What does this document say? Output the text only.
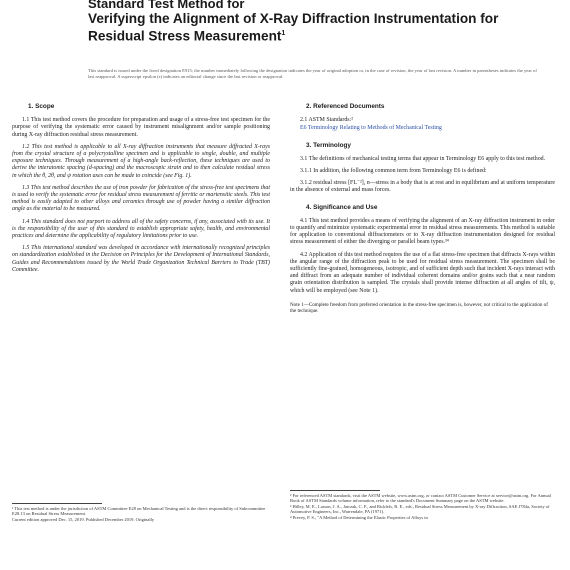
Standard Test Method for
Verifying the Alignment of X-Ray Diffraction Instrumentation for Residual Stress Measurement$^1$
This standard is issued under the fixed designation E915; the number immediately following the designation indicates the year of original adoption or, in the case of revision, the year of last revision. A number in parentheses indicates the year of last reapproval. A superscript epsilon (ε) indicates an editorial change since the last revision or reapproval.
1. Scope

1.1 This test method covers the procedure for preparation and usage of a stress-free test specimen for the purpose of verifying the systematic error caused by instrument misalignment and/or sample positioning during X-ray diffraction residual stress measurement.

1.2 This test method is applicable to all X-ray diffraction instruments that measure diffracted X-rays from the crystal structure of a polycrystalline specimen and is applicable to single, double, and multiple exposure techniques. Through measurement of a high-angle back-reflection, these techniques are used to derive the interatomic spacing (d-spacing) and the macroscopic strain and to then calculate residual stress in which the θ, 2θ, and ψ rotation axes can be made to coincide (see Fig. 1).

1.3 This test method describes the use of iron powder for fabrication of the stress-free test specimens that is used to verify the systematic error for residual stress measurement of ferritic or martensitic steels. This test method is easily adapted to other alloys and ceramics through use of powder having a similar diffraction angle as the material to be measured.

1.4 This standard does not purport to address all of the safety concerns, if any, associated with its use. It is the responsibility of the user of this standard to establish appropriate safety, health, and environmental practices and determine the applicability of regulatory limitations prior to use.

1.5 This international standard was developed in accordance with internationally recognized principles on standardization established in the Decision on Principles for the Development of International Standards, Guides and Recommendations issued by the World Trade Organization Technical Barriers to Trade (TBT) Committee.

¹ This test method is under the jurisdiction of ASTM Committee E28 on Mechanical Testing and is the direct responsibility of Subcommittee E28.13 on Residual Stress Measurement.
Current edition approved Dec. 15, 2019. Published December 2019. Originally
2. Referenced Documents
2.1 ASTM Standards:²
E6 Terminology Relating to Methods of Mechanical Testing
3. Terminology

3.1 The definitions of mechanical testing terms that appear in Terminology E6 apply to this test method.

3.1.1 In addition, the following common term from Terminology E6 is defined:

3.1.2 residual stress [FL⁻²], n—stress in a body that is at rest and in equilibrium and at uniform temperature in the absence of external and mass forces.

4. Significance and Use

4.1 This test method provides a means of verifying the alignment of an X-ray diffraction instrument in order to quantify and minimize systematic experimental error in residual stress measurements. This method is suitable for application to conventional diffractometers or to X-ray diffraction instrumentation designed for residual stress measurement of either the diverging or parallel beam types.³⁴

4.2 Application of this test method requires the use of a flat stress-free specimen that diffracts X-rays within the angular range of the diffraction peak to be used for residual stress measurement. The specimen shall be sufficiently fine-grained, homogeneous, isotropic, and of sufficient depth such that incident X-rays interact with and diffract from an adequate number of individual coherent domains and/or grains such that a near random grain orientation distribution is sampled. The crystals shall provide intense diffraction at all angles of tilt, ψ, which will be employed (see Note 1).

Note 1—Complete freedom from preferred orientation in the stress-free specimen is, however, not critical to the application of the technique.
² For referenced ASTM standards, visit the ASTM website, www.astm.org, or contact ASTM Customer Service at service@astm.org. For Annual Book of ASTM Standards volume information, refer to the standard's Document Summary page on the ASTM website.
³ Hilley, M. E., Larson, J. A., Jatczak, C. F., and Ricklefs, R. E., eds., Residual Stress Measurement by X-ray Diffraction, SAE J784a, Society of Automotive Engineers, Inc., Warrendale, PA (1971).
⁴ Prevey, P. S., "A Method of Determining the Elastic Properties of Alloys in
